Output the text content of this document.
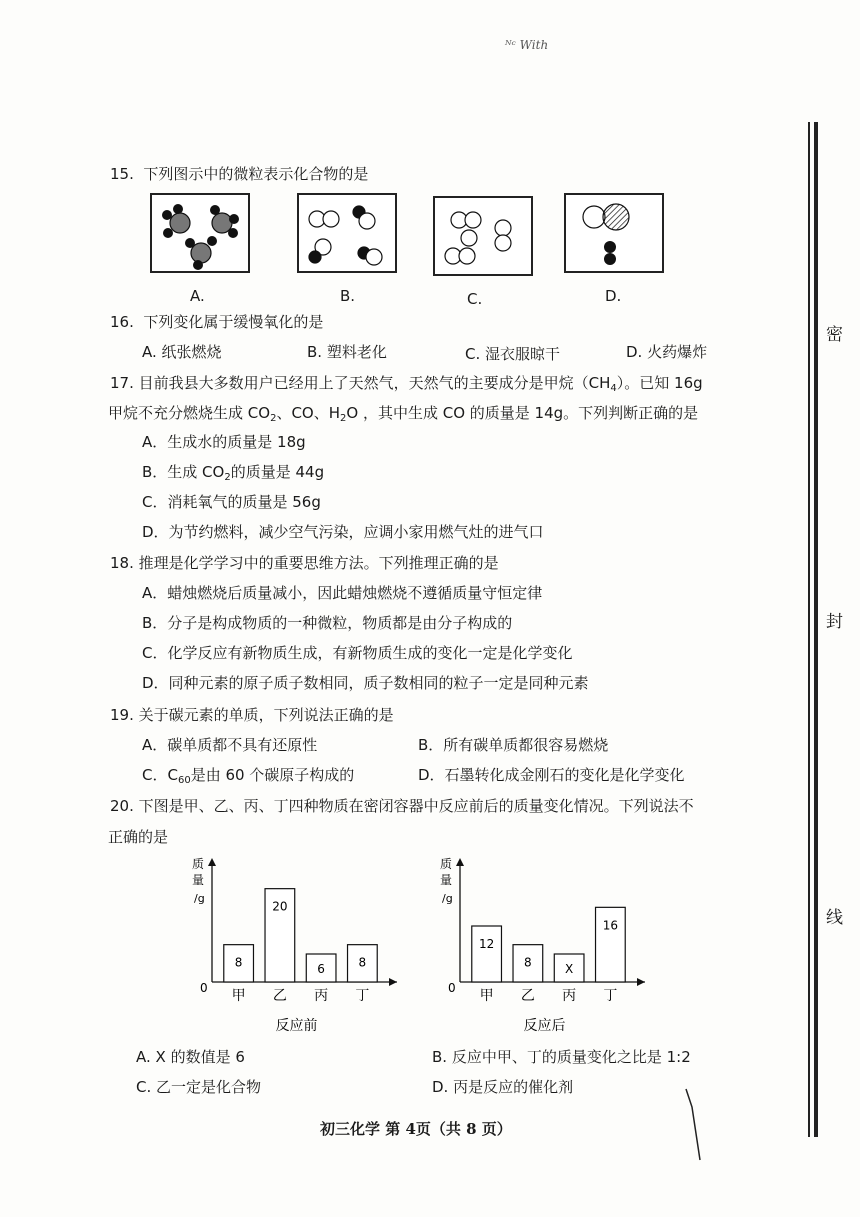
ᴺᶜ With
密
封
线
15. 下列图示中的微粒表示化合物的是
A.	B.	C.	D.
16. 下列变化属于缓慢氧化的是
A. 纸张燃烧	B. 塑料老化	C. 湿衣服晾干	D. 火药爆炸
17. 目前我县大多数用户已经用上了天然气，天然气的主要成分是甲烷$(CH_4)$。已知 16g
甲烷不充分燃烧生成 $CO_2$、CO、$H_2O$ ，其中生成 CO 的质量是 14g。下列判断正确的是
A．生成水的质量是 18g
B．生成 $CO_2$的质量是 44g
C．消耗氧气的质量是 56g
D．为节约燃料，减少空气污染，应调小家用燃气灶的进气口
18. 推理是化学学习中的重要思维方法。下列推理正确的是
A．蜡烛燃烧后质量减小，因此蜡烛燃烧不遵循质量守恒定律
B．分子是构成物质的一种微粒，物质都是由分子构成的
C．化学反应有新物质生成，有新物质生成的变化一定是化学变化
D．同种元素的原子质子数相同，质子数相同的粒子一定是同种元素
19. 关于碳元素的单质，下列说法正确的是
A．碳单质都不具有还原性	B．所有碳单质都很容易燃烧
C．$C_{60}$是由 60 个碳原子构成的	D．石墨转化成金刚石的变化是化学变化
20. 下图是甲、乙、丙、丁四种物质在密闭容器中反应前后的质量变化情况。下列说法不
正确的是
质
量
/g
0
8
甲
20
乙
6
丙
8
丁
反应前
质
量
/g
0
12
甲
8
乙
X
丙
16
丁
反应后
A. X 的数值是 6	B. 反应中甲、丁的质量变化之比是 1:2
C. 乙一定是化合物	D. 丙是反应的催化剂
初三化学 第 4页（共 8 页）
